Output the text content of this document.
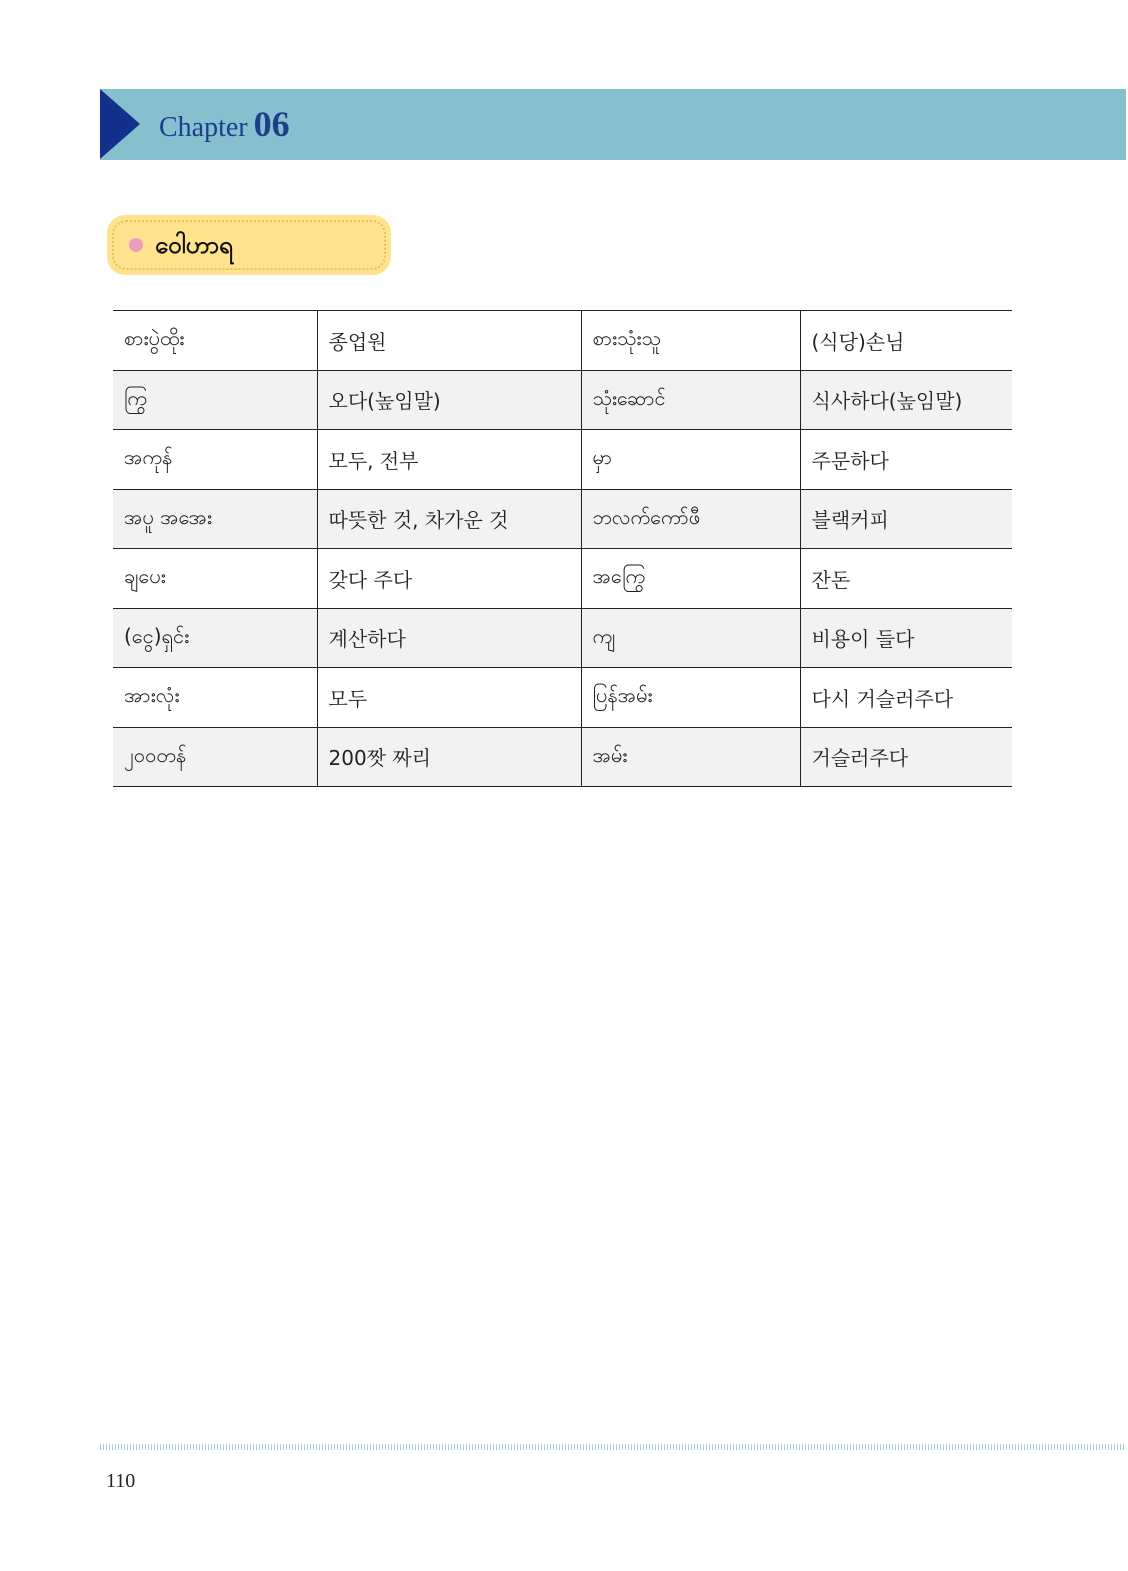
Chapter 06
ဝေါဟာရ
စားပွဲထိုး	종업원	စားသုံးသူ	(식당)손님
ကြွ	오다(높임말)	သုံးဆောင်	식사하다(높임말)
အကုန်	모두, 전부	မှာ	주문하다
အပူ အအေး	따뜻한 것, 차가운 것	ဘလက်ကော်ဖီ	블랙커피
ချပေး	갖다 주다	အကြွေ	잔돈
(ငွေ)ရှင်း	계산하다	ကျ	비용이 들다
အားလုံး	모두	ပြန်အမ်း	다시 거슬러주다
၂၀၀တန်	200짯 짜리	အမ်း	거슬러주다
110
